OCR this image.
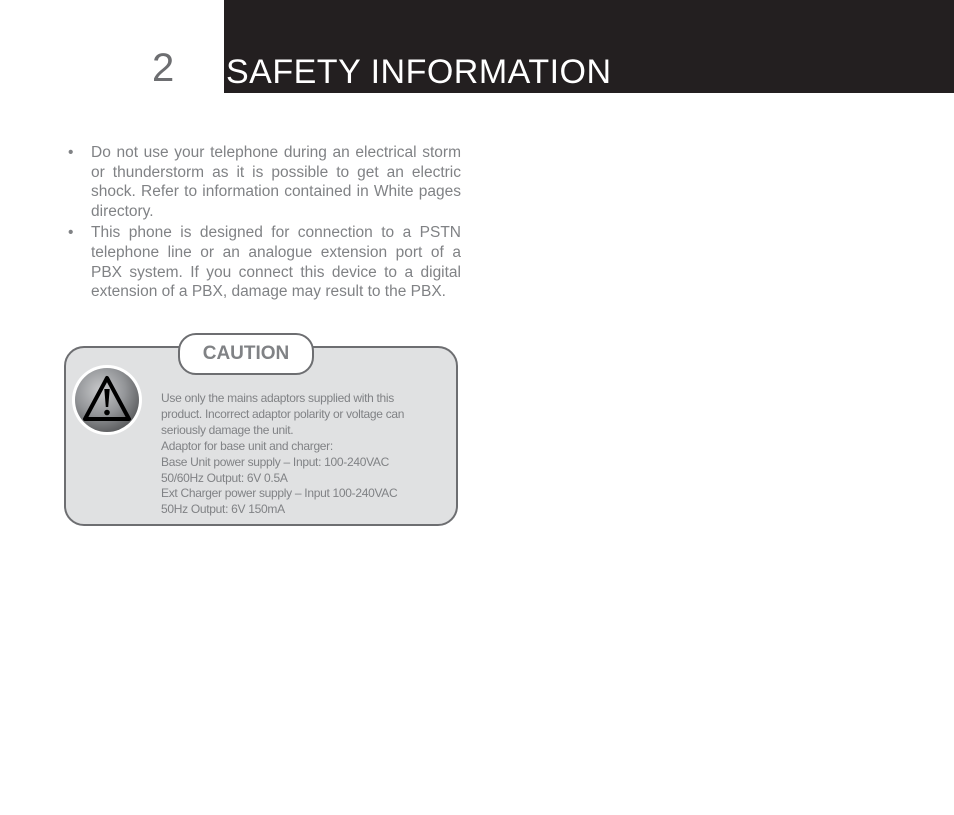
2 SAFETY INFORMATION
• Do not use your telephone during an electrical storm or thunderstorm as it is possible to get an electric shock. Refer to information contained in White pages directory.
• This phone is designed for connection to a PSTN telephone line or an analogue extension port of a PBX system. If you connect this device to a digital extension of a PBX, damage may result to the PBX.
CAUTION
Use only the mains adaptors supplied with this
product. Incorrect adaptor polarity or voltage can
seriously damage the unit.
Adaptor for base unit and charger:
Base Unit power supply – Input: 100-240VAC
50/60Hz Output: 6V 0.5A
Ext Charger power supply – Input 100-240VAC
50Hz Output: 6V 150mA
